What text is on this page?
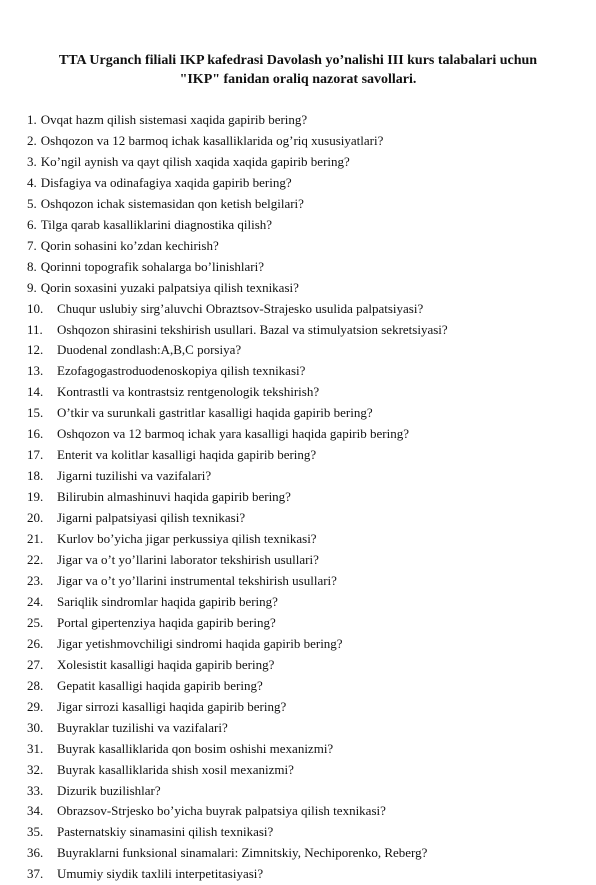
TTA Urganch filiali IKP kafedrasi Davolash yo’nalishi III kurs talabalari uchun
"IKP" fanidan oraliq nazorat savollari.
1. Ovqat hazm qilish sistemasi xaqida gapirib bering?
2. Oshqozon va 12 barmoq ichak kasalliklarida og’riq xususiyatlari?
3. Ko’ngil aynish va qayt qilish xaqida xaqida gapirib bering?
4. Disfagiya va odinafagiya xaqida gapirib bering?
5. Oshqozon ichak sistemasidan qon ketish belgilari?
6. Tilga qarab kasalliklarini diagnostika qilish?
7. Qorin sohasini ko’zdan kechirish?
8. Qorinni topografik sohalarga bo’linishlari?
9. Qorin soxasini yuzaki palpatsiya qilish texnikasi?
10. Chuqur uslubiy sirg’aluvchi Obraztsov-Strajesko usulida palpatsiyasi?
11. Oshqozon shirasini tekshirish usullari. Bazal va stimulyatsion sekretsiyasi?
12. Duodenal zondlash:A,B,C porsiya?
13. Ezofagogastroduodenoskopiya qilish texnikasi?
14. Kontrastli va kontrastsiz rentgenologik tekshirish?
15. O’tkir va surunkali gastritlar kasalligi haqida gapirib bering?
16. Oshqozon va 12 barmoq ichak yara kasalligi haqida gapirib bering?
17. Enterit va kolitlar kasalligi haqida gapirib bering?
18. Jigarni tuzilishi va vazifalari?
19. Bilirubin almashinuvi haqida gapirib bering?
20. Jigarni palpatsiyasi qilish texnikasi?
21. Kurlov bo’yicha jigar perkussiya qilish texnikasi?
22. Jigar va o’t yo’llarini laborator tekshirish usullari?
23. Jigar va o’t yo’llarini instrumental tekshirish usullari?
24. Sariqlik sindromlar haqida gapirib bering?
25. Portal gipertenziya haqida gapirib bering?
26. Jigar yetishmovchiligi sindromi haqida gapirib bering?
27. Xolesistit kasalligi haqida gapirib bering?
28. Gepatit kasalligi haqida gapirib bering?
29. Jigar sirrozi kasalligi haqida gapirib bering?
30. Buyraklar tuzilishi va vazifalari?
31. Buyrak kasalliklarida qon bosim oshishi mexanizmi?
32. Buyrak kasalliklarida shish xosil mexanizmi?
33. Dizurik buzilishlar?
34. Obrazsov-Strjesko bo’yicha buyrak palpatsiya qilish texnikasi?
35. Pasternatskiy sinamasini qilish texnikasi?
36. Buyraklarni funksional sinamalari: Zimnitskiy, Nechiporenko, Reberg?
37. Umumiy siydik taxlili interpetitasiyasi?
